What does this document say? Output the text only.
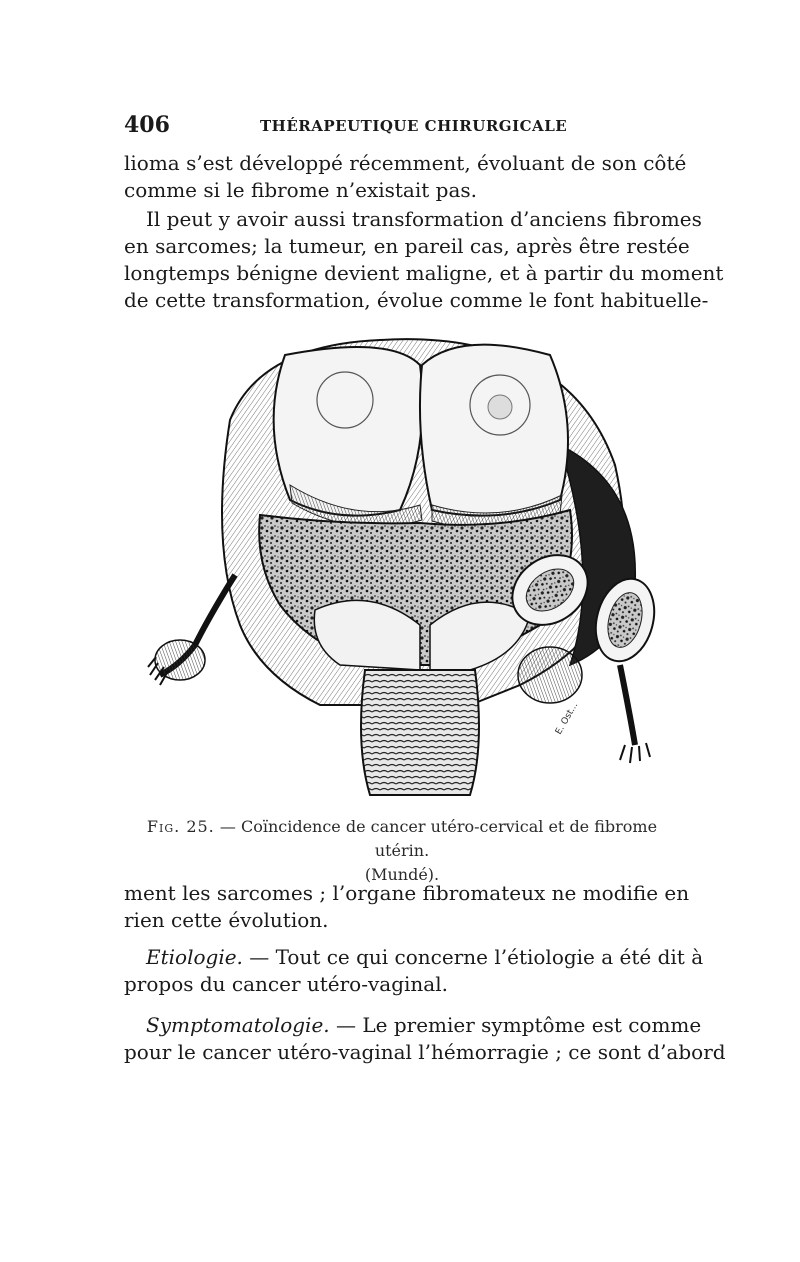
406	THÉRAPEUTIQUE CHIRURGICALE

lioma s’est développé récemment, évoluant de son côté
comme si le fibrome n’existait pas.

Il peut y avoir aussi transformation d’anciens fibromes
en sarcomes; la tumeur, en pareil cas, après être restée
longtemps bénigne devient maligne, et à partir du moment
de cette transformation, évolue comme le font habituelle-

E. Ost...
Fig. 25. — Coïncidence de cancer utéro-cervical et de fibrome utérin.
(Mundé).

ment les sarcomes ; l’organe fibromateux ne modifie en
rien cette évolution.

Etiologie. — Tout ce qui concerne l’étiologie a été dit à
propos du cancer utéro-vaginal.

Symptomatologie. — Le premier symptôme est comme
pour le cancer utéro-vaginal l’hémorragie ; ce sont d’abord
